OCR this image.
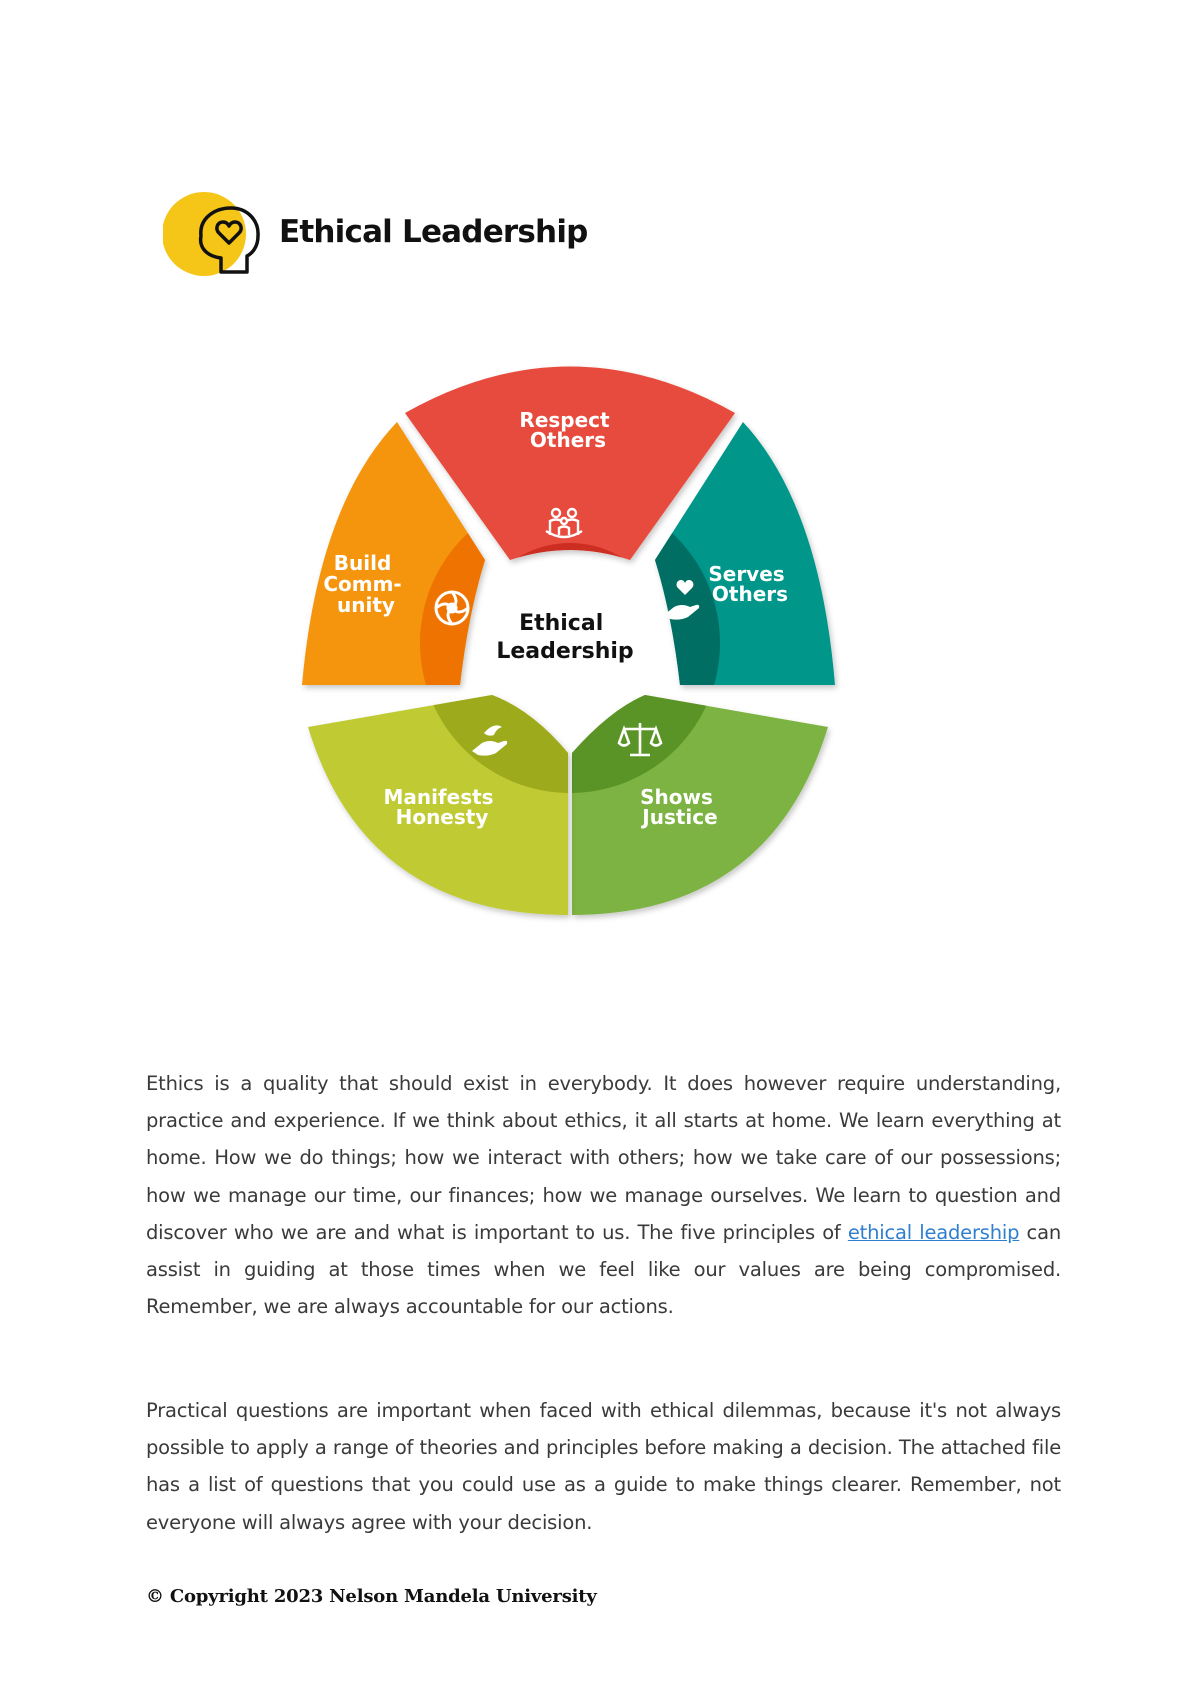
Ethical Leadership
Ethical Leadership
Respect Others
Serves Others
Shows Justice
Manifests Honesty
Build Comm- unity

Ethics is a quality that should exist in everybody. It does however require understanding, practice and experience. If we think about ethics, it all starts at home. We learn everything at home. How we do things; how we interact with others; how we take care of our possessions; how we manage our time, our finances; how we manage ourselves. We learn to question and discover who we are and what is important to us. The five principles of ethical leadership can assist in guiding at those times when we feel like our values are being compromised. Remember, we are always accountable for our actions.

Practical questions are important when faced with ethical dilemmas, because it's not always possible to apply a range of theories and principles before making a decision. The attached file has a list of questions that you could use as a guide to make things clearer. Remember, not everyone will always agree with your decision.

© Copyright 2023 Nelson Mandela University
